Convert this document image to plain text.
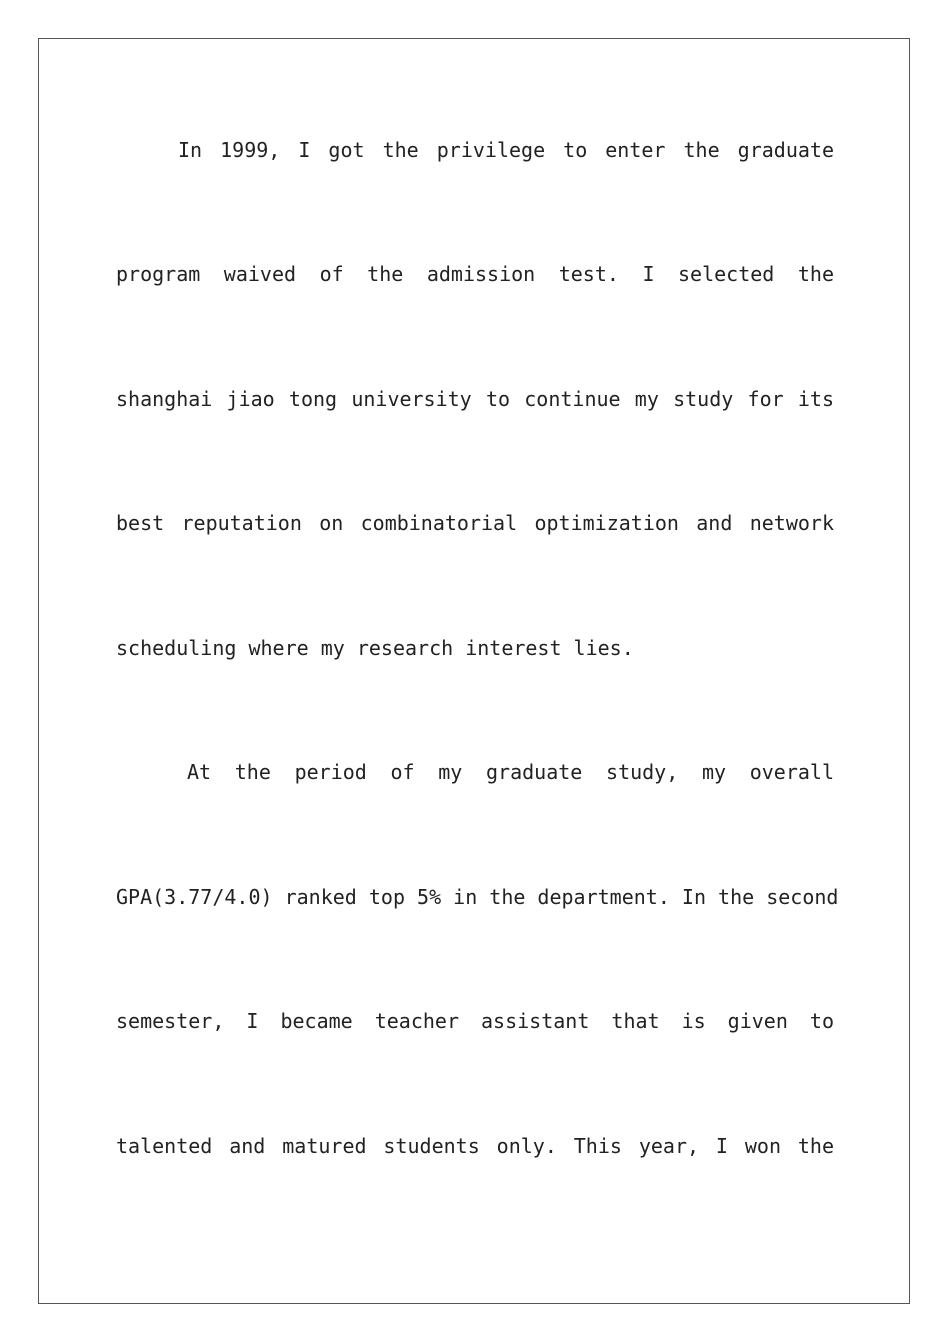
In 1999, I got the privilege to enter the graduate
program waived of the admission test. I selected the
shanghai jiao tong university to continue my study for its
best reputation on combinatorial optimization and network
scheduling where my research interest lies.
At the period of my graduate study, my overall
GPA(3.77/4.0) ranked top 5% in the department. In the second
semester, I became teacher assistant that is given to
talented and matured students only. This year, I won the
